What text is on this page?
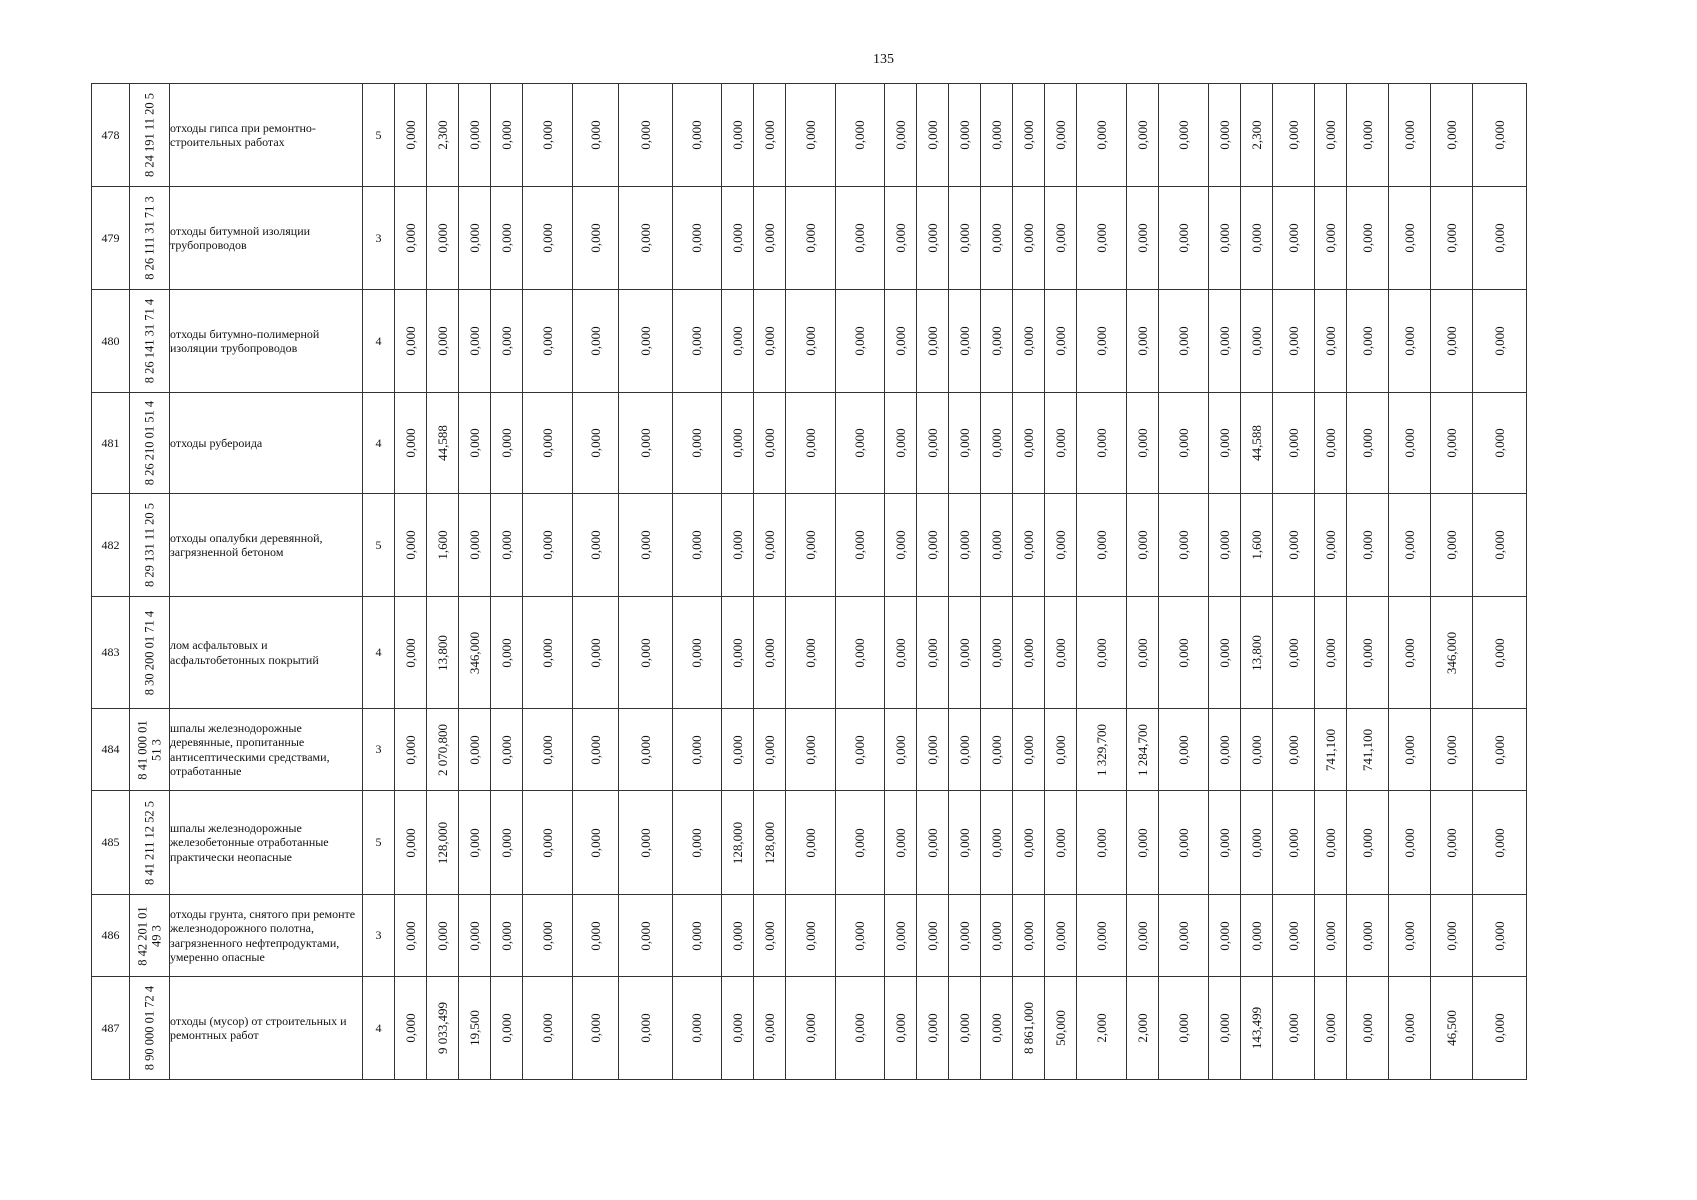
135
478	8 24 191 11 20 5	отходы гипса при ремонтно-строительных работах	5	0,000	2,300	0,000	0,000	0,000	0,000	0,000	0,000	0,000	0,000	0,000	0,000	0,000	0,000	0,000	0,000	0,000	0,000	0,000	0,000	0,000	0,000	2,300	0,000	0,000	0,000	0,000	0,000	0,000

479	8 26 111 31 71 3	отходы битумной изоляции трубопроводов	3	0,000	0,000	0,000	0,000	0,000	0,000	0,000	0,000	0,000	0,000	0,000	0,000	0,000	0,000	0,000	0,000	0,000	0,000	0,000	0,000	0,000	0,000	0,000	0,000	0,000	0,000	0,000	0,000	0,000

480	8 26 141 31 71 4	отходы битумно-полимерной изоляции трубопроводов	4	0,000	0,000	0,000	0,000	0,000	0,000	0,000	0,000	0,000	0,000	0,000	0,000	0,000	0,000	0,000	0,000	0,000	0,000	0,000	0,000	0,000	0,000	0,000	0,000	0,000	0,000	0,000	0,000	0,000

481	8 26 210 01 51 4	отходы рубероида	4	0,000	44,588	0,000	0,000	0,000	0,000	0,000	0,000	0,000	0,000	0,000	0,000	0,000	0,000	0,000	0,000	0,000	0,000	0,000	0,000	0,000	0,000	44,588	0,000	0,000	0,000	0,000	0,000	0,000

482	8 29 131 11 20 5	отходы опалубки деревянной, загрязненной бетоном	5	0,000	1,600	0,000	0,000	0,000	0,000	0,000	0,000	0,000	0,000	0,000	0,000	0,000	0,000	0,000	0,000	0,000	0,000	0,000	0,000	0,000	0,000	1,600	0,000	0,000	0,000	0,000	0,000	0,000

483	8 30 200 01 71 4	лом асфальтовых и асфальтобетонных покрытий	4	0,000	13,800	346,000	0,000	0,000	0,000	0,000	0,000	0,000	0,000	0,000	0,000	0,000	0,000	0,000	0,000	0,000	0,000	0,000	0,000	0,000	0,000	13,800	0,000	0,000	0,000	0,000	346,000	0,000

484	8 41 000 01 51 3	шпалы железнодорожные деревянные, пропитанные антисептическими средствами, отработанные	3	0,000	2 070,800	0,000	0,000	0,000	0,000	0,000	0,000	0,000	0,000	0,000	0,000	0,000	0,000	0,000	0,000	0,000	0,000	1 329,700	1 284,700	0,000	0,000	0,000	0,000	741,100	741,100	0,000	0,000	0,000

485	8 41 211 12 52 5	шпалы железнодорожные железобетонные отработанные практически неопасные	5	0,000	128,000	0,000	0,000	0,000	0,000	0,000	0,000	128,000	128,000	0,000	0,000	0,000	0,000	0,000	0,000	0,000	0,000	0,000	0,000	0,000	0,000	0,000	0,000	0,000	0,000	0,000	0,000	0,000

486	8 42 201 01 49 3	отходы грунта, снятого при ремонте железнодорожного полотна, загрязненного нефтепродуктами, умеренно опасные	3	0,000	0,000	0,000	0,000	0,000	0,000	0,000	0,000	0,000	0,000	0,000	0,000	0,000	0,000	0,000	0,000	0,000	0,000	0,000	0,000	0,000	0,000	0,000	0,000	0,000	0,000	0,000	0,000	0,000

487	8 90 000 01 72 4	отходы (мусор) от строительных и ремонтных работ	4	0,000	9 033,499	19,500	0,000	0,000	0,000	0,000	0,000	0,000	0,000	0,000	0,000	0,000	0,000	0,000	0,000	8 861,000	50,000	2,000	2,000	0,000	0,000	143,499	0,000	0,000	0,000	0,000	46,500	0,000
